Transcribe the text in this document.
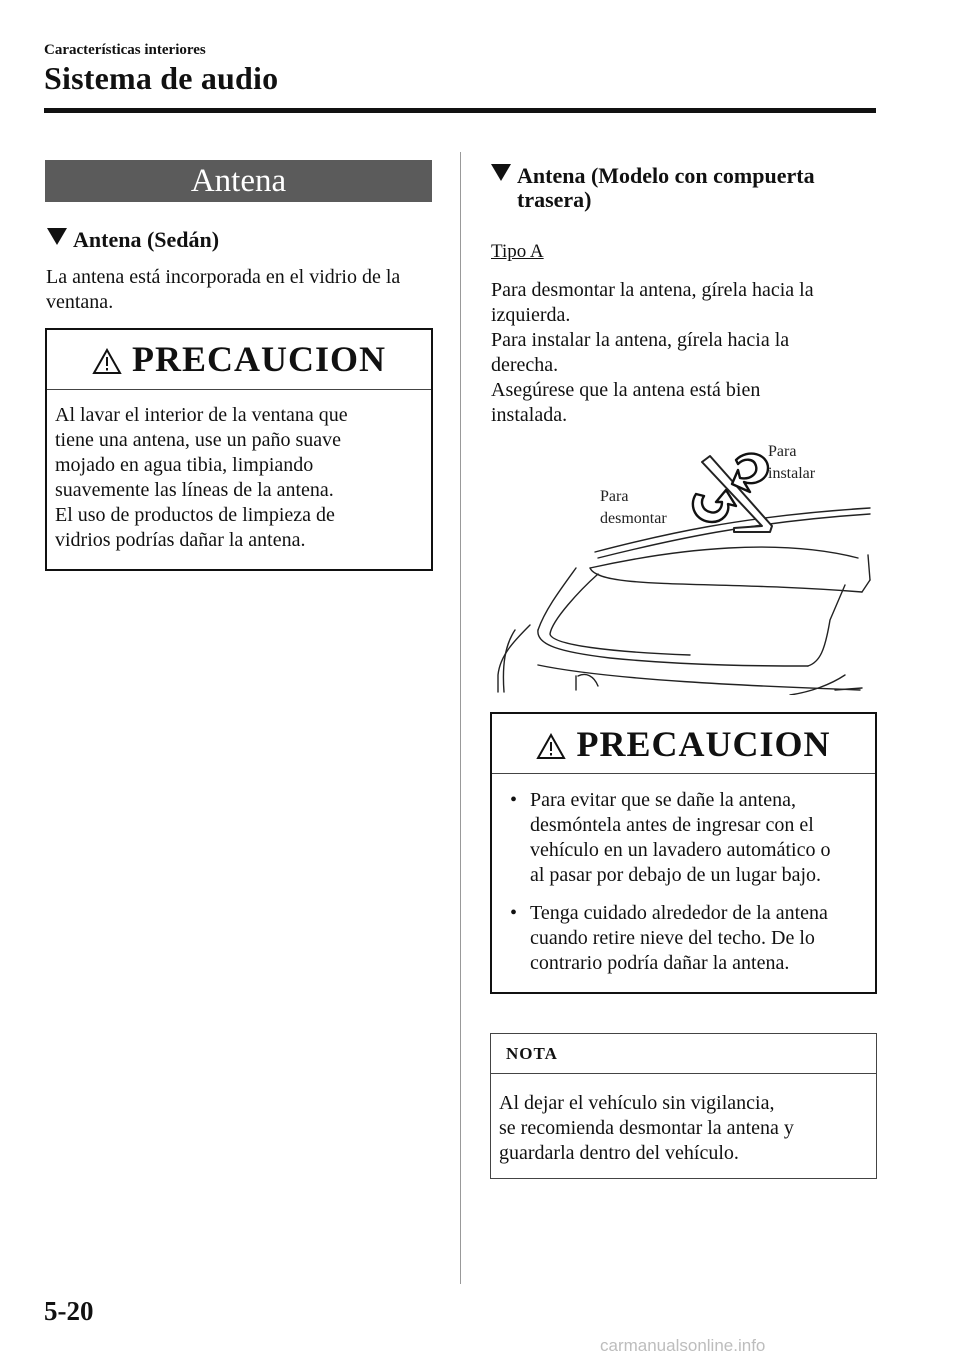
Características interiores
Sistema de audio
Antena
Antena (Sedán)
La antena está incorporada en el vidrio de la ventana.
PRECAUCION
Al lavar el interior de la ventana que
tiene una antena, use un paño suave
mojado en agua tibia, limpiando
suavemente las líneas de la antena.
El uso de productos de limpieza de
vidrios podrías dañar la antena.
Antena (Modelo con compuerta
trasera)
Tipo A
Para desmontar la antena, gírela hacia la
izquierda.
Para instalar la antena, gírela hacia la
derecha.
Asegúrese que la antena está bien
instalada.
Para
desmontar
Para
instalar
PRECAUCION
• Para evitar que se dañe la antena,
desmóntela antes de ingresar con el
vehículo en un lavadero automático o
al pasar por debajo de un lugar bajo.
• Tenga cuidado alrededor de la antena
cuando retire nieve del techo. De lo
contrario podría dañar la antena.
NOTA
Al dejar el vehículo sin vigilancia,
se recomienda desmontar la antena y
guardarla dentro del vehículo.
5-20
carmanualsonline.info
